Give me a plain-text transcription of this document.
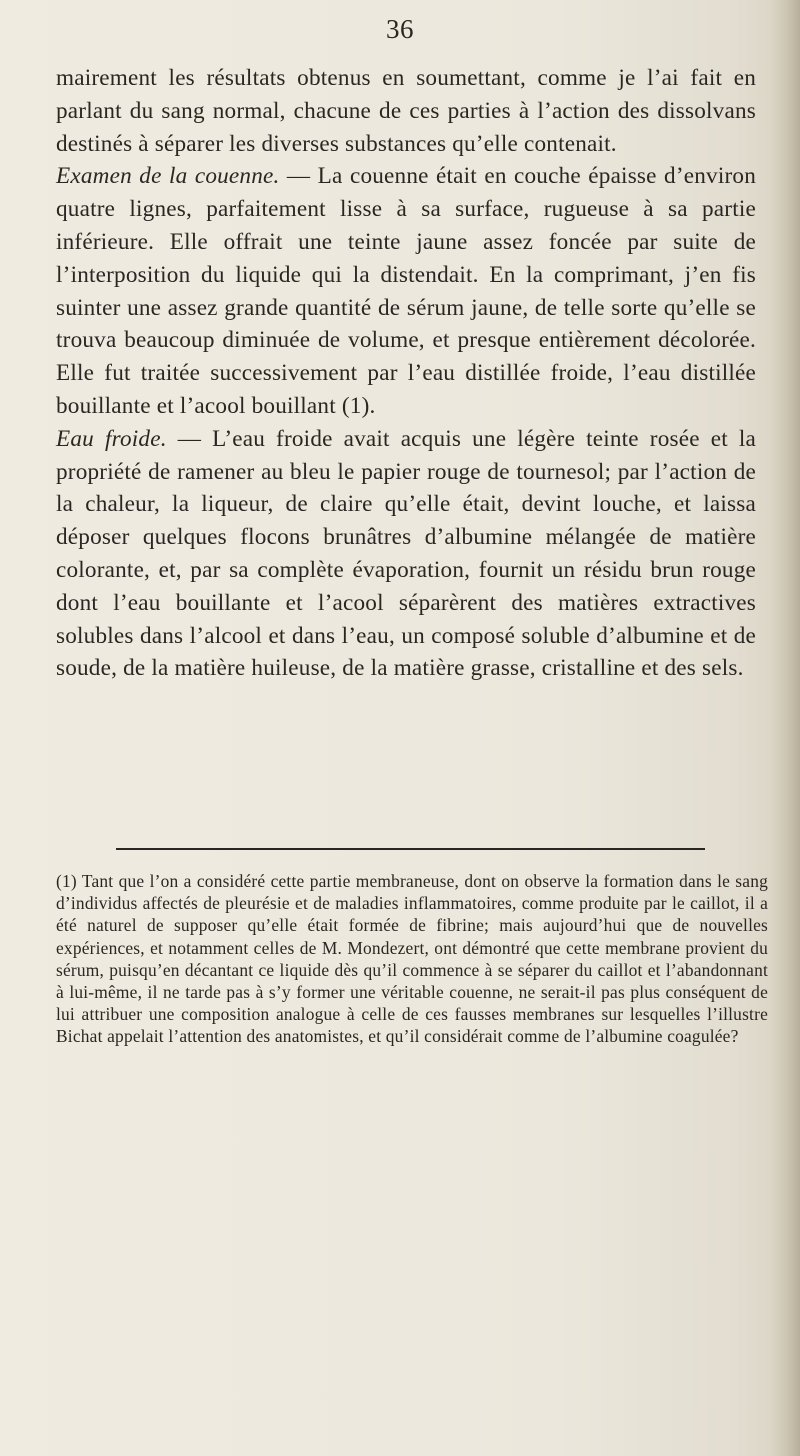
36

mairement les résultats obtenus en soumettant, comme je l’ai fait en parlant du sang normal, chacune de ces parties à l’action des dissolvans destinés à séparer les diverses substances qu’elle contenait.

Examen de la couenne. — La couenne était en couche épaisse d’environ quatre lignes, parfaitement lisse à sa surface, rugueuse à sa partie inférieure. Elle offrait une teinte jaune assez foncée par suite de l’interposition du liquide qui la distendait. En la comprimant, j’en fis suinter une assez grande quantité de sérum jaune, de telle sorte qu’elle se trouva beaucoup diminuée de volume, et presque entièrement décolorée. Elle fut traitée successivement par l’eau distillée froide, l’eau distillée bouillante et l’acool bouillant (1).

Eau froide. — L’eau froide avait acquis une légère teinte rosée et la propriété de ramener au bleu le papier rouge de tournesol; par l’action de la chaleur, la liqueur, de claire qu’elle était, devint louche, et laissa déposer quelques flocons brunâtres d’albumine mélangée de matière colorante, et, par sa complète évaporation, fournit un résidu brun rouge dont l’eau bouillante et l’acool séparèrent des matières extractives solubles dans l’alcool et dans l’eau, un composé soluble d’albumine et de soude, de la matière huileuse, de la matière grasse, cristalline et des sels.

(1) Tant que l’on a considéré cette partie membraneuse, dont on observe la formation dans le sang d’individus affectés de pleurésie et de maladies inflammatoires, comme produite par le caillot, il a été naturel de supposer qu’elle était formée de fibrine; mais aujourd’hui que de nouvelles expériences, et notamment celles de M. Mondezert, ont démontré que cette membrane provient du sérum, puisqu’en décantant ce liquide dès qu’il commence à se séparer du caillot et l’abandonnant à lui-même, il ne tarde pas à s’y former une véritable couenne, ne serait-il pas plus conséquent de lui attribuer une composition analogue à celle de ces fausses membranes sur lesquelles l’illustre Bichat appelait l’attention des anatomistes, et qu’il considérait comme de l’albumine coagulée?
